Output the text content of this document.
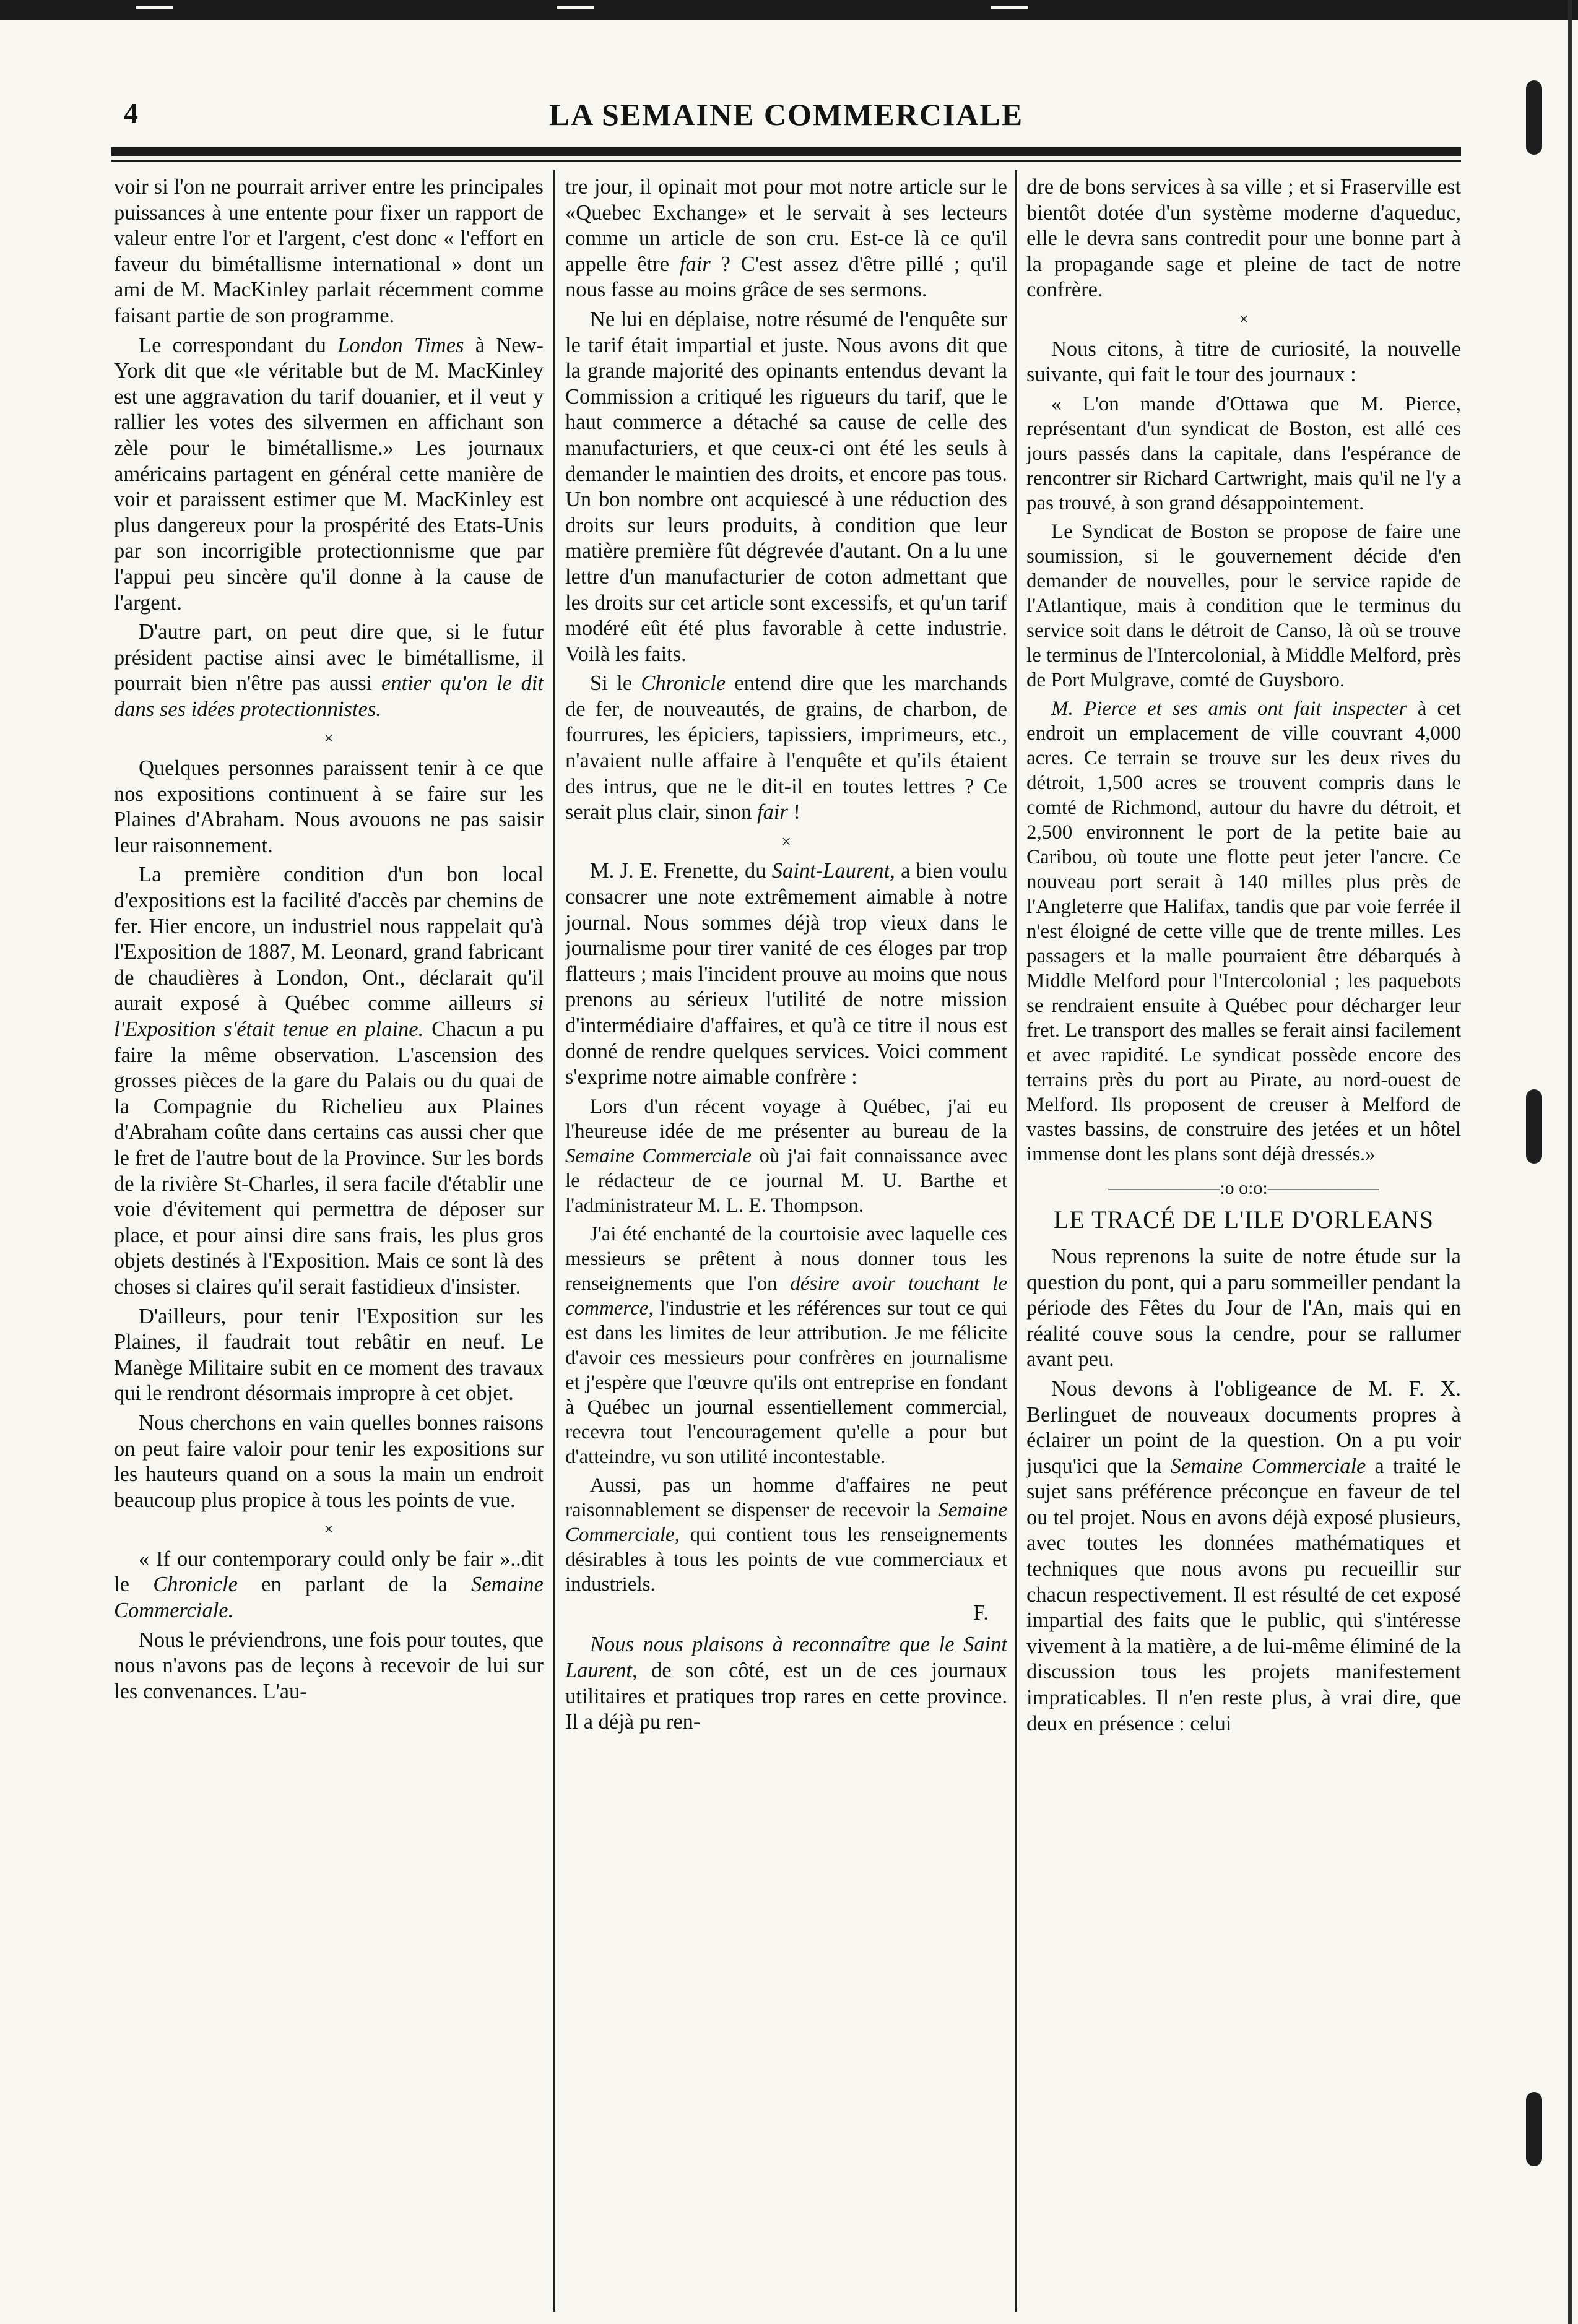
4	LA SEMAINE COMMERCIALE

voir si l'on ne pourrait arriver entre les principales puissances à une entente pour fixer un rapport de valeur entre l'or et l'argent, c'est donc « l'effort en faveur du bimétallisme international » dont un ami de M. MacKinley parlait récemment comme faisant partie de son programme.

Le correspondant du London Times à New-York dit que «le véritable but de M. MacKinley est une aggravation du tarif douanier, et il veut y rallier les votes des silvermen en affichant son zèle pour le bimétallisme.» Les journaux américains partagent en général cette manière de voir et paraissent estimer que M. MacKinley est plus dangereux pour la prospérité des Etats-Unis par son incorrigible protectionnisme que par l'appui peu sincère qu'il donne à la cause de l'argent.

D'autre part, on peut dire que, si le futur président pactise ainsi avec le bimétallisme, il pourrait bien n'être pas aussi entier qu'on le dit dans ses idées protectionnistes.

×

Quelques personnes paraissent tenir à ce que nos expositions continuent à se faire sur les Plaines d'Abraham. Nous avouons ne pas saisir leur raisonnement.

La première condition d'un bon local d'expositions est la facilité d'accès par chemins de fer. Hier encore, un industriel nous rappelait qu'à l'Exposition de 1887, M. Leonard, grand fabricant de chaudières à London, Ont., déclarait qu'il aurait exposé à Québec comme ailleurs si l'Exposition s'était tenue en plaine. Chacun a pu faire la même observation. L'ascension des grosses pièces de la gare du Palais ou du quai de la Compagnie du Richelieu aux Plaines d'Abraham coûte dans certains cas aussi cher que le fret de l'autre bout de la Province. Sur les bords de la rivière St-Charles, il sera facile d'établir une voie d'évitement qui permettra de déposer sur place, et pour ainsi dire sans frais, les plus gros objets destinés à l'Exposition. Mais ce sont là des choses si claires qu'il serait fastidieux d'insister.

D'ailleurs, pour tenir l'Exposition sur les Plaines, il faudrait tout rebâtir en neuf. Le Manège Militaire subit en ce moment des travaux qui le rendront désormais impropre à cet objet.

Nous cherchons en vain quelles bonnes raisons on peut faire valoir pour tenir les expositions sur les hauteurs quand on a sous la main un endroit beaucoup plus propice à tous les points de vue.

×

« If our contemporary could only be fair »..dit le Chronicle en parlant de la Semaine Commerciale.

Nous le préviendrons, une fois pour toutes, que nous n'avons pas de leçons à recevoir de lui sur les convenances. L'au-

tre jour, il opinait mot pour mot notre article sur le «Quebec Exchange» et le servait à ses lecteurs comme un article de son cru. Est-ce là ce qu'il appelle être fair ? C'est assez d'être pillé ; qu'il nous fasse au moins grâce de ses sermons.

Ne lui en déplaise, notre résumé de l'enquête sur le tarif était impartial et juste. Nous avons dit que la grande majorité des opinants entendus devant la Commission a critiqué les rigueurs du tarif, que le haut commerce a détaché sa cause de celle des manufacturiers, et que ceux-ci ont été les seuls à demander le maintien des droits, et encore pas tous. Un bon nombre ont acquiescé à une réduction des droits sur leurs produits, à condition que leur matière première fût dégrevée d'autant. On a lu une lettre d'un manufacturier de coton admettant que les droits sur cet article sont excessifs, et qu'un tarif modéré eût été plus favorable à cette industrie. Voilà les faits.

Si le Chronicle entend dire que les marchands de fer, de nouveautés, de grains, de charbon, de fourrures, les épiciers, tapissiers, imprimeurs, etc., n'avaient nulle affaire à l'enquête et qu'ils étaient des intrus, que ne le dit-il en toutes lettres ? Ce serait plus clair, sinon fair !

×

M. J. E. Frenette, du Saint-Laurent, a bien voulu consacrer une note extrêmement aimable à notre journal. Nous sommes déjà trop vieux dans le journalisme pour tirer vanité de ces éloges par trop flatteurs ; mais l'incident prouve au moins que nous prenons au sérieux l'utilité de notre mission d'intermédiaire d'affaires, et qu'à ce titre il nous est donné de rendre quelques services. Voici comment s'exprime notre aimable confrère :

Lors d'un récent voyage à Québec, j'ai eu l'heureuse idée de me présenter au bureau de la Semaine Commerciale où j'ai fait connaissance avec le rédacteur de ce journal M. U. Barthe et l'administrateur M. L. E. Thompson.

J'ai été enchanté de la courtoisie avec laquelle ces messieurs se prêtent à nous donner tous les renseignements que l'on désire avoir touchant le commerce, l'industrie et les références sur tout ce qui est dans les limites de leur attribution. Je me félicite d'avoir ces messieurs pour confrères en journalisme et j'espère que l'œuvre qu'ils ont entreprise en fondant à Québec un journal essentiellement commercial, recevra tout l'encouragement qu'elle a pour but d'atteindre, vu son utilité incontestable.

Aussi, pas un homme d'affaires ne peut raisonnablement se dispenser de recevoir la Semaine Commerciale, qui contient tous les renseignements désirables à tous les points de vue commerciaux et industriels.

F.

Nous nous plaisons à reconnaître que le Saint Laurent, de son côté, est un de ces journaux utilitaires et pratiques trop rares en cette province. Il a déjà pu ren-

dre de bons services à sa ville ; et si Fraserville est bientôt dotée d'un système moderne d'aqueduc, elle le devra sans contredit pour une bonne part à la propagande sage et pleine de tact de notre confrère.

×

Nous citons, à titre de curiosité, la nouvelle suivante, qui fait le tour des journaux :

« L'on mande d'Ottawa que M. Pierce, représentant d'un syndicat de Boston, est allé ces jours passés dans la capitale, dans l'espérance de rencontrer sir Richard Cartwright, mais qu'il ne l'y a pas trouvé, à son grand désappointement.

Le Syndicat de Boston se propose de faire une soumission, si le gouvernement décide d'en demander de nouvelles, pour le service rapide de l'Atlantique, mais à condition que le terminus du service soit dans le détroit de Canso, là où se trouve le terminus de l'Intercolonial, à Middle Melford, près de Port Mulgrave, comté de Guysboro.

M. Pierce et ses amis ont fait inspecter à cet endroit un emplacement de ville couvrant 4,000 acres. Ce terrain se trouve sur les deux rives du détroit, 1,500 acres se trouvent compris dans le comté de Richmond, autour du havre du détroit, et 2,500 environnent le port de la petite baie au Caribou, où toute une flotte peut jeter l'ancre. Ce nouveau port serait à 140 milles plus près de l'Angleterre que Halifax, tandis que par voie ferrée il n'est éloigné de cette ville que de trente milles. Les passagers et la malle pourraient être débarqués à Middle Melford pour l'Intercolonial ; les paquebots se rendraient ensuite à Québec pour décharger leur fret. Le transport des malles se ferait ainsi facilement et avec rapidité. Le syndicat possède encore des terrains près du port au Pirate, au nord-ouest de Melford. Ils proposent de creuser à Melford de vastes bassins, de construire des jetées et un hôtel immense dont les plans sont déjà dressés.»

——————:o o:o:——————
LE TRACÉ DE L'ILE D'ORLEANS

Nous reprenons la suite de notre étude sur la question du pont, qui a paru sommeiller pendant la période des Fêtes du Jour de l'An, mais qui en réalité couve sous la cendre, pour se rallumer avant peu.

Nous devons à l'obligeance de M. F. X. Berlinguet de nouveaux documents propres à éclairer un point de la question. On a pu voir jusqu'ici que la Semaine Commerciale a traité le sujet sans préférence préconçue en faveur de tel ou tel projet. Nous en avons déjà exposé plusieurs, avec toutes les données mathématiques et techniques que nous avons pu recueillir sur chacun respectivement. Il est résulté de cet exposé impartial des faits que le public, qui s'intéresse vivement à la matière, a de lui-même éliminé de la discussion tous les projets manifestement impraticables. Il n'en reste plus, à vrai dire, que deux en présence : celui
